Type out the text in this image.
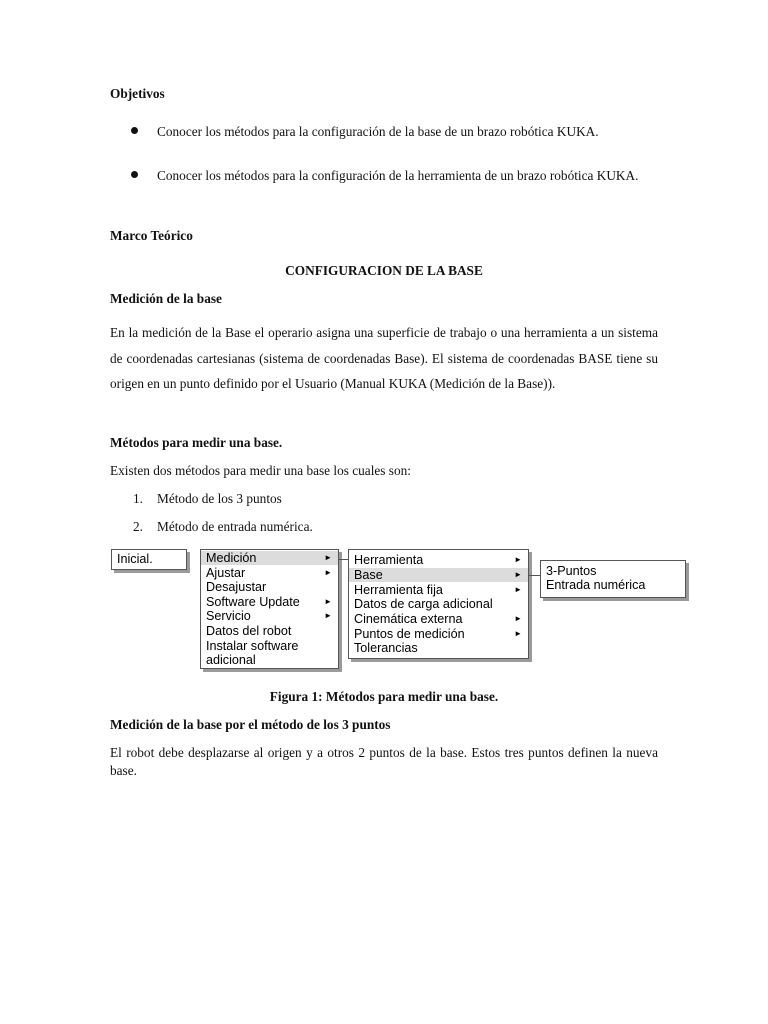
Objetivos
Conocer los métodos para la configuración de la base de un brazo robótica KUKA.
Conocer los métodos para la configuración de la herramienta de un brazo robótica KUKA.
Marco Teórico
CONFIGURACION DE LA BASE
Medición de la base
En la medición de la Base el operario asigna una superficie de trabajo o una herramienta a un sistema de coordenadas cartesianas (sistema de coordenadas Base). El sistema de coordenadas BASE tiene su origen en un punto definido por el Usuario (Manual KUKA (Medición de la Base)).
Métodos para medir una base.
Existen dos métodos para medir una base los cuales son:
1. Método de los 3 puntos
2. Método de entrada numérica.
Inicial.	Medición	►
Ajustar	►
Desajustar
Software Update	►
Servicio	►
Datos del robot
Instalar software
adicional
Herramienta	►
Base	►
Herramienta fija	►
Datos de carga adicional
Cinemática externa	►
Puntos de medición	►
Tolerancias
3-Puntos
Entrada numérica
Figura 1: Métodos para medir una base.
Medición de la base por el método de los 3 puntos
El robot debe desplazarse al origen y a otros 2 puntos de la base. Estos tres puntos definen la nueva base.
